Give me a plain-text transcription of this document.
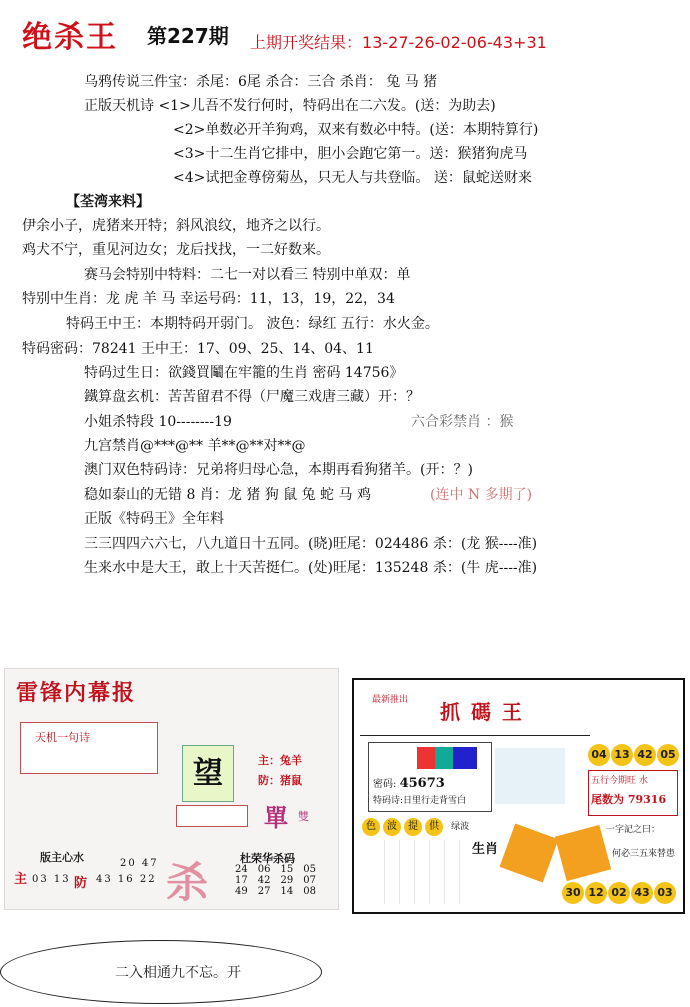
绝杀王 第227期 上期开奖结果：13-27-26-02-06-43+31
乌鸦传说三件宝：杀尾：6尾 杀合：三合 杀肖： 兔 马 猪
正版天机诗 <1>儿吾不发行何时，特码出在二六发。(送：为助去)
<2>单数必开羊狗鸡，双来有数必中特。(送：本期特算行)
<3>十二生肖它排中，胆小会跑它第一。送：猴猪狗虎马
<4>试把金尊傍菊丛，只无人与共登临。 送：鼠蛇送财来
【荃湾来料】
伊余小子，虎猪来开特；斜风浪纹，地齐之以行。
鸡犬不宁，重见河边女；龙后找找，一二好数来。
赛马会特别中特料：二七一对以看三 特别中单双：单
特别中生肖：龙 虎 羊 马 幸运号码：11，13，19，22，34
特码王中王：本期特码开弱门。 波色：绿红 五行：水火金。
特码密码：78241 王中王：17、09、25、14、04、11
特码过生日：欲錢買鬮在牢籠的生肖 密码 14756》
鐵算盘玄机：苦苦留君不得（尸魔三戏唐三藏）开：？
小姐杀特段 10--------19	六合彩禁肖 ：猴
九宫禁肖@***@** 羊**@**对**@
澳门双色特码诗：兄弟将归母心急，本期再看狗猪羊。(开：？)
稳如泰山的无错 8 肖：龙 猪 狗 鼠 兔 蛇 马 鸡	(连中 N 多期了)
正版《特码王》全年料
三三四四六六七，八九道日十五同。(晓)旺尾：024486 杀：(龙 猴----准)
生来水中是大王，敢上十天苦挺仁。(处)旺尾：135248 杀：(牛 虎----准)
雷锋内幕报
天机一句诗
望	主：兔羊
防：猪鼠
單 雙
版主心水
主	防
03 13	43 16 22
20 47 杀	杜荣华杀码
24	06	15	05
17	42	29	07
49	27	14	08
最新推出 抓 碼 王
密码: 45673
特码诗:日里行走背雪白
04 13 42 05
五行今期旺 水
尾数为 79316
色 波 提 供 绿波
生肖
一字記之曰：
何必三五來替患
30 12 02 43 03
二入相通九不忘。开
